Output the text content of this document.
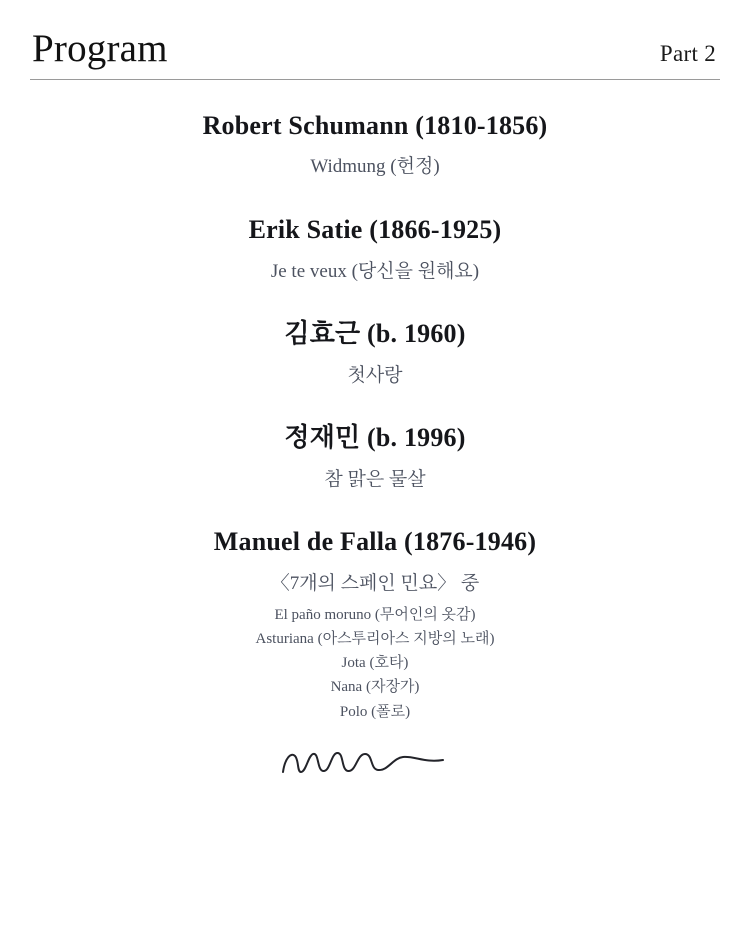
Program	Part 2
Robert Schumann (1810-1856)
Widmung (헌정)
Erik Satie (1866-1925)
Je te veux (당신을 원해요)
김효근 (b. 1960)
첫사랑
정재민 (b. 1996)
참 맑은 물살
Manuel de Falla (1876-1946)
〈7개의 스페인 민요〉 중
El paño moruno (무어인의 옷감)
Asturiana (아스투리아스 지방의 노래)
Jota (호타)
Nana (자장가)
Polo (폴로)
